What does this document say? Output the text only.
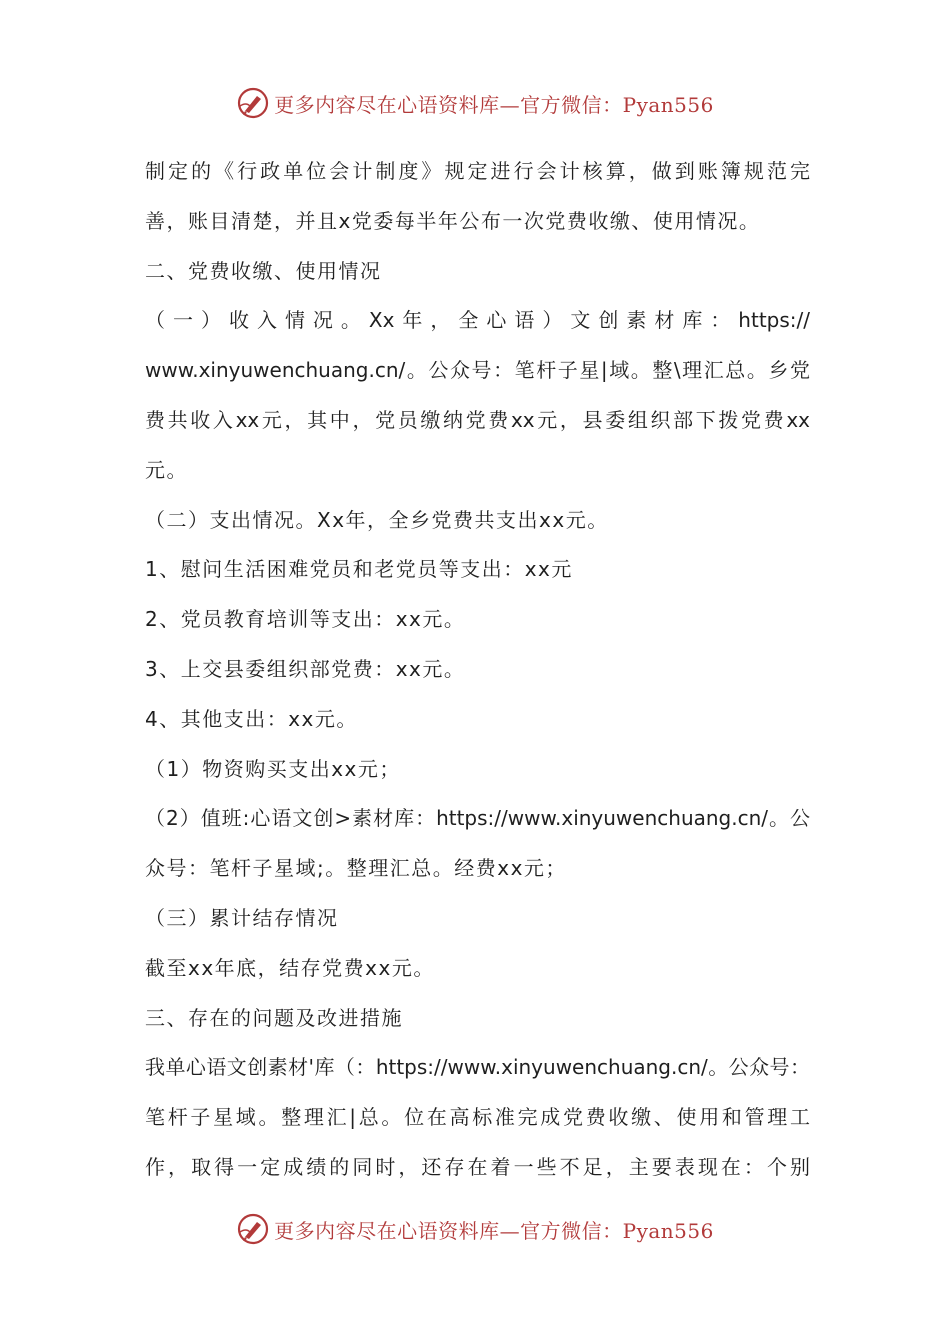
更多内容尽在心语资料库—官方微信：Pyan556
制定的《行政单位会计制度》规定进行会计核算，做到账簿规范完
善，账目清楚，并且x党委每半年公布一次党费收缴、使用情况。
二、党费收缴、使用情况
（一）收入情况。Xx年，全心语）文创素材库：https://
www.xinyuwenchuang.cn/。公众号：笔杆子星|域。整\理汇总。乡党
费共收入xx元，其中，党员缴纳党费xx元，县委组织部下拨党费xx
元。
（二）支出情况。Xx年，全乡党费共支出xx元。
1、慰问生活困难党员和老党员等支出：xx元
2、党员教育培训等支出：xx元。
3、上交县委组织部党费：xx元。
4、其他支出：xx元。
（1）物资购买支出xx元；
（2）值班:心语文创>素材库：https://www.xinyuwenchuang.cn/。公
众号：笔杆子星域;。整理汇总。经费xx元；
（三）累计结存情况
截至xx年底，结存党费xx元。
三、存在的问题及改进措施
我单心语文创素材'库（：https://www.xinyuwenchuang.cn/。公众号：
笔杆子星域。整理汇|总。位在高标准完成党费收缴、使用和管理工
作，取得一定成绩的同时，还存在着一些不足，主要表现在：个别
更多内容尽在心语资料库—官方微信：Pyan556
